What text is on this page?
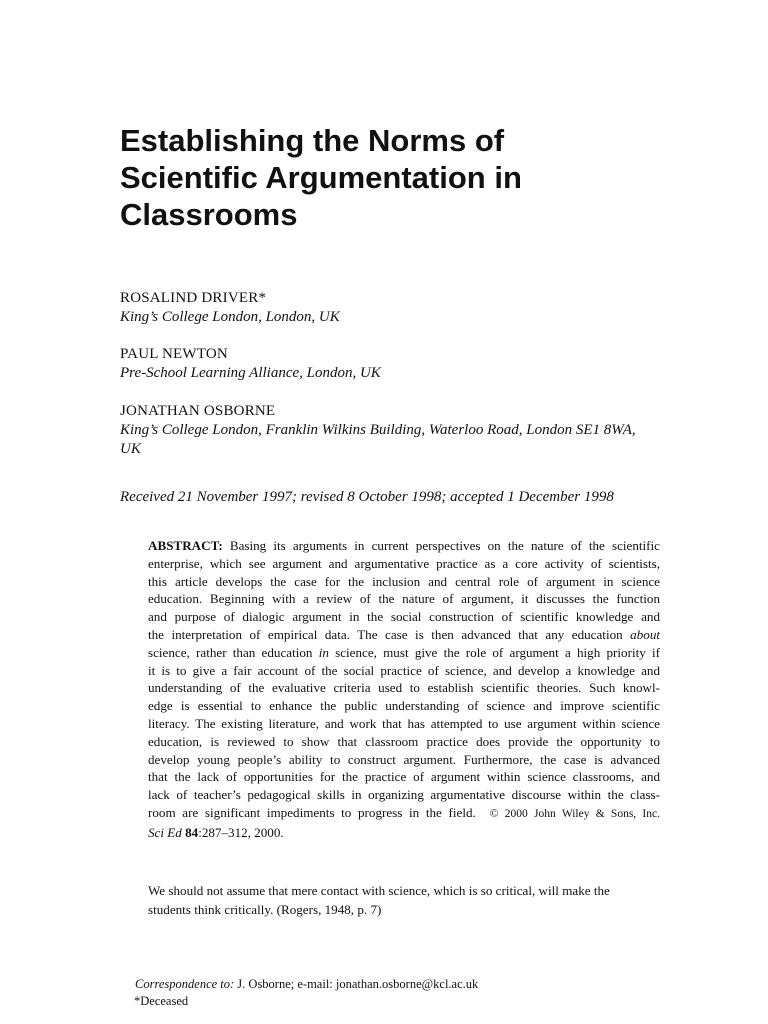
Establishing the Norms of
Scientific Argumentation in
Classrooms
ROSALIND DRIVER*
King’s College London, London, UK
PAUL NEWTON
Pre-School Learning Alliance, London, UK
JONATHAN OSBORNE
King’s College London, Franklin Wilkins Building, Waterloo Road, London SE1 8WA,
UK
Received 21 November 1997; revised 8 October 1998; accepted 1 December 1998
ABSTRACT: Basing its arguments in current perspectives on the nature of the scientific
enterprise, which see argument and argumentative practice as a core activity of scientists,
this article develops the case for the inclusion and central role of argument in science
education. Beginning with a review of the nature of argument, it discusses the function
and purpose of dialogic argument in the social construction of scientific knowledge and
the interpretation of empirical data. The case is then advanced that any education about
science, rather than education in science, must give the role of argument a high priority if
it is to give a fair account of the social practice of science, and develop a knowledge and
understanding of the evaluative criteria used to establish scientific theories. Such knowl-
edge is essential to enhance the public understanding of science and improve scientific
literacy. The existing literature, and work that has attempted to use argument within science
education, is reviewed to show that classroom practice does provide the opportunity to
develop young people’s ability to construct argument. Furthermore, the case is advanced
that the lack of opportunities for the practice of argument within science classrooms, and
lack of teacher’s pedagogical skills in organizing argumentative discourse within the class-
room are significant impediments to progress in the field. © 2000 John Wiley & Sons, Inc.
Sci Ed 84:287–312, 2000.
We should not assume that mere contact with science, which is so critical, will make the
students think critically. (Rogers, 1948, p. 7)
Correspondence to: J. Osborne; e-mail: jonathan.osborne@kcl.ac.uk
*Deceased
